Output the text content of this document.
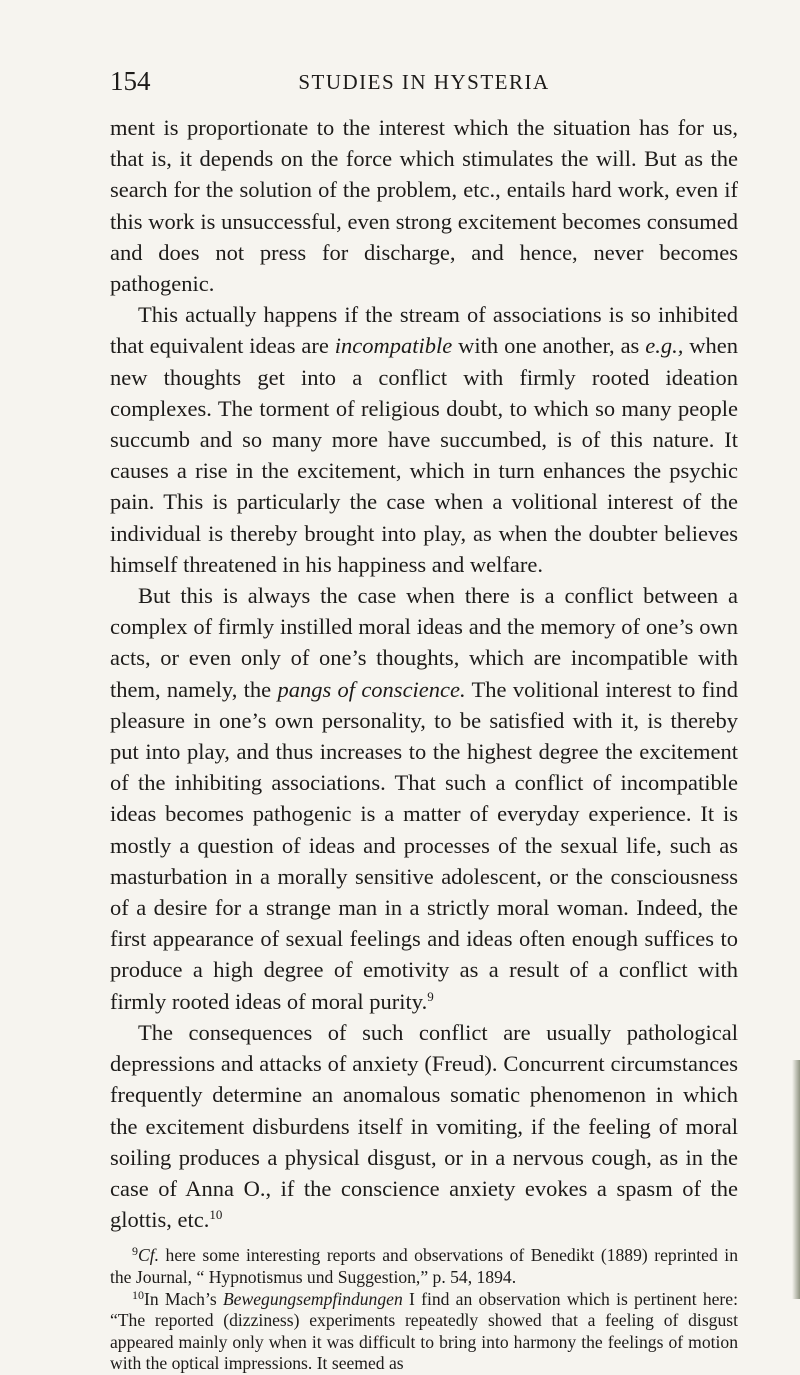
154	STUDIES IN HYSTERIA

ment is proportionate to the interest which the situation has for us, that is, it depends on the force which stimulates the will. But as the search for the solution of the problem, etc., entails hard work, even if this work is unsuccessful, even strong excitement becomes consumed and does not press for discharge, and hence, never becomes pathogenic.

This actually happens if the stream of associations is so inhibited that equivalent ideas are incompatible with one another, as e.g., when new thoughts get into a conflict with firmly rooted ideation complexes. The torment of religious doubt, to which so many people succumb and so many more have succumbed, is of this nature. It causes a rise in the excitement, which in turn enhances the psychic pain. This is particularly the case when a volitional interest of the individual is thereby brought into play, as when the doubter believes himself threatened in his happiness and welfare.

But this is always the case when there is a conflict between a complex of firmly instilled moral ideas and the memory of one’s own acts, or even only of one’s thoughts, which are incompatible with them, namely, the pangs of conscience. The volitional interest to find pleasure in one’s own personality, to be satisfied with it, is thereby put into play, and thus increases to the highest degree the excitement of the inhibiting associations. That such a conflict of incompatible ideas becomes pathogenic is a matter of everyday experience. It is mostly a question of ideas and processes of the sexual life, such as masturbation in a morally sensitive adolescent, or the consciousness of a desire for a strange man in a strictly moral woman. Indeed, the first appearance of sexual feelings and ideas often enough suffices to produce a high degree of emotivity as a result of a conflict with firmly rooted ideas of moral purity.$^9$

The consequences of such conflict are usually pathological depressions and attacks of anxiety (Freud). Concurrent circumstances frequently determine an anomalous somatic phenomenon in which the excitement disburdens itself in vomiting, if the feeling of moral soiling produces a physical disgust, or in a nervous cough, as in the case of Anna O., if the conscience anxiety evokes a spasm of the glottis, etc.$^{10}$

$^9$Cf. here some interesting reports and observations of Benedikt (1889) reprinted in the Journal, “ Hypnotismus und Suggestion,” p. 54, 1894.

$^{10}$In Mach’s Bewegungsempfindungen I find an observation which is pertinent here: “The reported (dizziness) experiments repeatedly showed that a feeling of disgust appeared mainly only when it was difficult to bring into harmony the feelings of motion with the optical impressions. It seemed as
